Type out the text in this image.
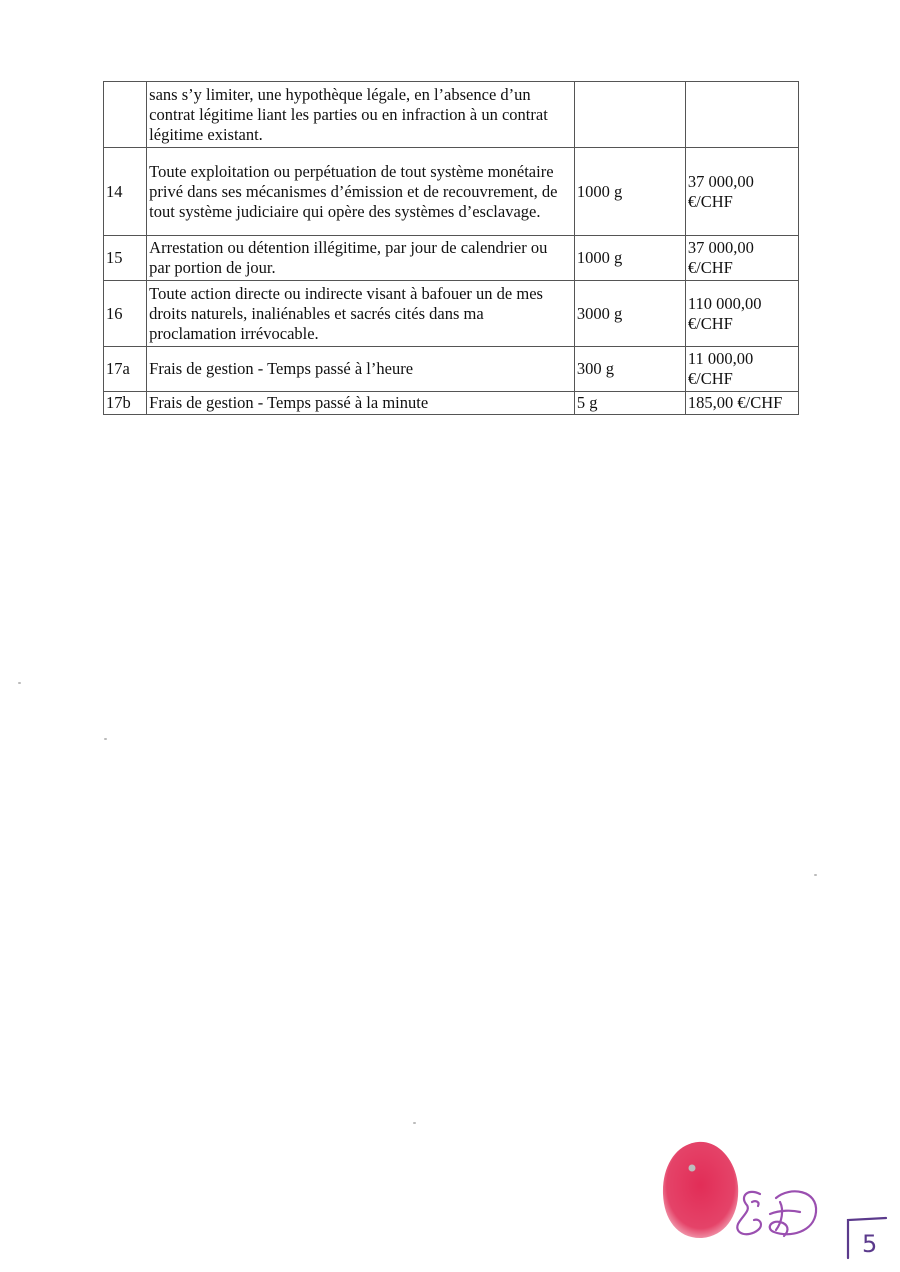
	sans s’y limiter, une hypothèque légale, en l’absence d’un contrat légitime liant les parties ou en infraction à un contrat légitime existant.		
14	Toute exploitation ou perpétuation de tout système monétaire privé dans ses mécanismes d’émission et de recouvrement, de tout système judiciaire qui opère des systèmes d’esclavage.	1000 g	37 000,00 €/CHF
15	Arrestation ou détention illégitime, par jour de calendrier ou par portion de jour.	1000 g	37 000,00 €/CHF
16	Toute action directe ou indirecte visant à bafouer un de mes droits naturels, inaliénables et sacrés cités dans ma proclamation irrévocable.	3000 g	110 000,00 €/CHF
17a	Frais de gestion - Temps passé à l’heure	300 g	11 000,00 €/CHF
17b	Frais de gestion - Temps passé à la minute	5 g	185,00 €/CHF
5
